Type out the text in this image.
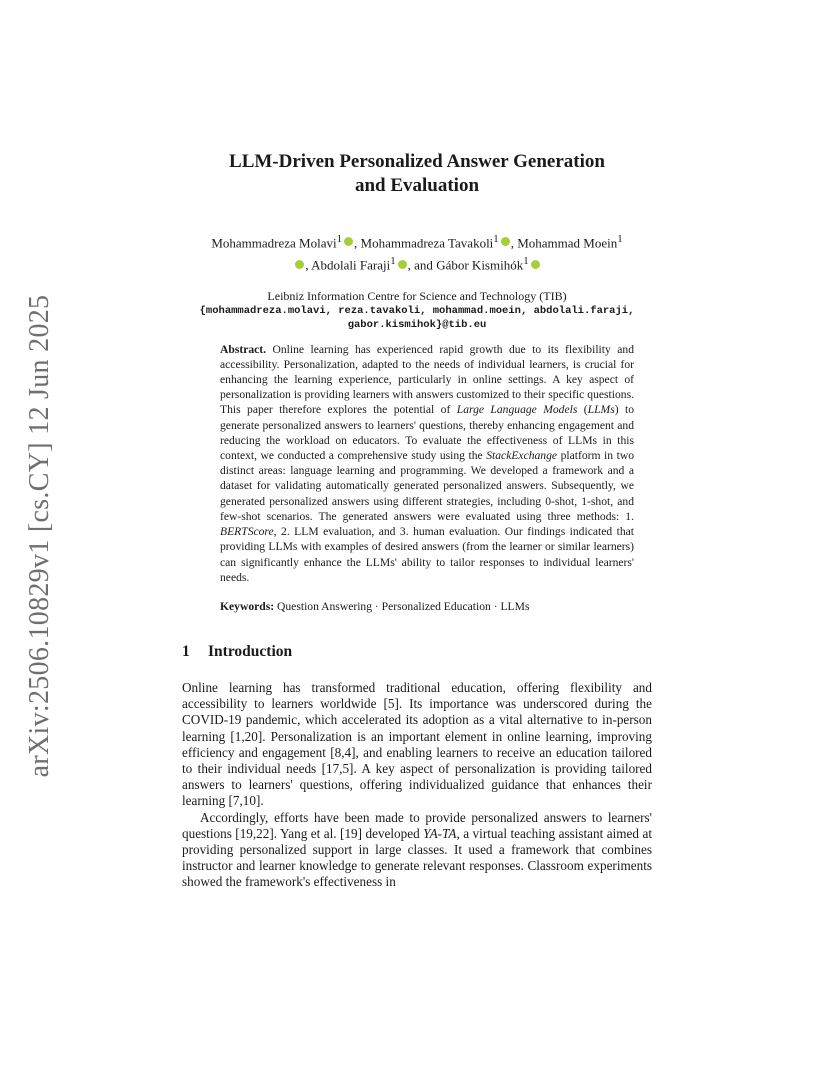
arXiv:2506.10829v1 [cs.CY] 12 Jun 2025
LLM-Driven Personalized Answer Generation
and Evaluation
Mohammadreza Molavi$^1$ , Mohammadreza Tavakoli$^1$ , Mohammad Moein$^1$
, Abdolali Faraji$^1$ , and Gábor Kismihók$^1$
Leibniz Information Centre for Science and Technology (TIB)
{mohammadreza.molavi, reza.tavakoli, mohammad.moein, abdolali.faraji,
gabor.kismihok}@tib.eu
Abstract. Online learning has experienced rapid growth due to its flexibility and accessibility. Personalization, adapted to the needs of individual learners, is crucial for enhancing the learning experience, particularly in online settings. A key aspect of personalization is providing learners with answers customized to their specific questions. This paper therefore explores the potential of Large Language Models (LLMs) to generate personalized answers to learners' questions, thereby enhancing engagement and reducing the workload on educators. To evaluate the effectiveness of LLMs in this context, we conducted a comprehensive study using the StackExchange platform in two distinct areas: language learning and programming. We developed a framework and a dataset for validating automatically generated personalized answers. Subsequently, we generated personalized answers using different strategies, including 0-shot, 1-shot, and few-shot scenarios. The generated answers were evaluated using three methods: 1. BERTScore, 2. LLM evaluation, and 3. human evaluation. Our findings indicated that providing LLMs with examples of desired answers (from the learner or similar learners) can significantly enhance the LLMs' ability to tailor responses to individual learners' needs.
Keywords: Question Answering · Personalized Education · LLMs
1 Introduction

Online learning has transformed traditional education, offering flexibility and accessibility to learners worldwide [5]. Its importance was underscored during the COVID-19 pandemic, which accelerated its adoption as a vital alternative to in-person learning [1,20]. Personalization is an important element in online learning, improving efficiency and engagement [8,4], and enabling learners to receive an education tailored to their individual needs [17,5]. A key aspect of personalization is providing tailored answers to learners' questions, offering individualized guidance that enhances their learning [7,10].

Accordingly, efforts have been made to provide personalized answers to learners' questions [19,22]. Yang et al. [19] developed YA-TA, a virtual teaching assistant aimed at providing personalized support in large classes. It used a framework that combines instructor and learner knowledge to generate relevant responses. Classroom experiments showed the framework's effectiveness in
